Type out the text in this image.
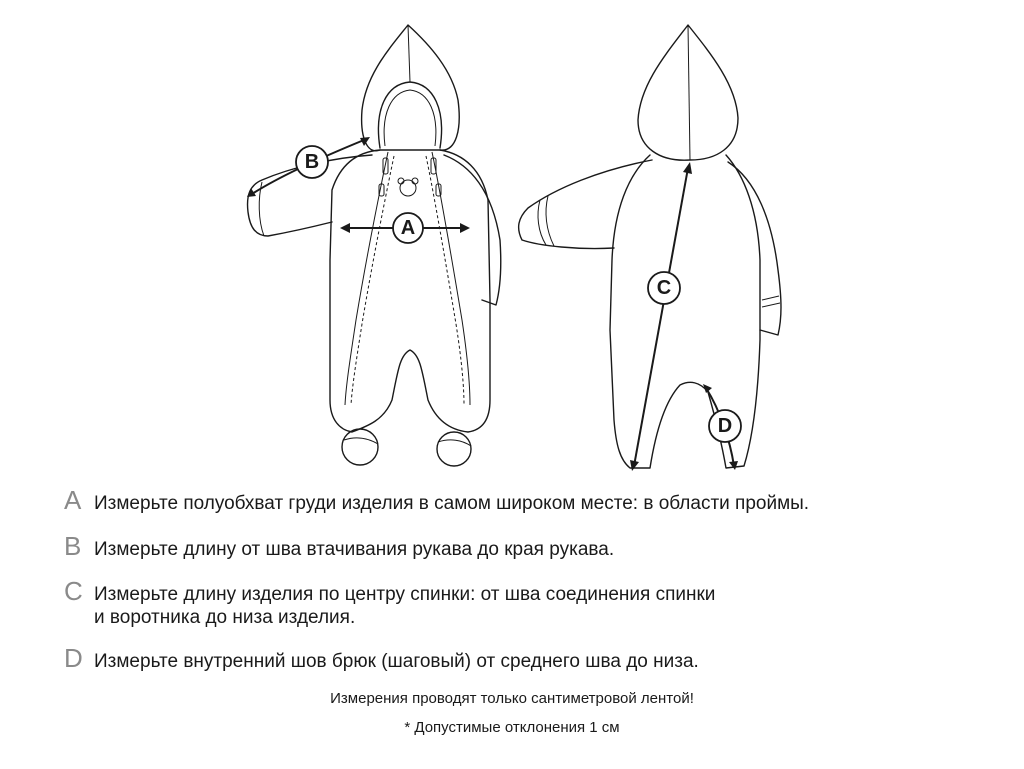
A
B
C
D
A Измерьте полуобхват груди изделия в самом широком месте: в области проймы.
B Измерьте длину от шва втачивания рукава до края рукава.
C Измерьте длину изделия по центру спинки: от шва соединения спинки
и воротника до низа изделия.
D Измерьте внутренний шов брюк (шаговый) от среднего шва до низа.
Измерения проводят только сантиметровой лентой!
* Допустимые отклонения 1 см
